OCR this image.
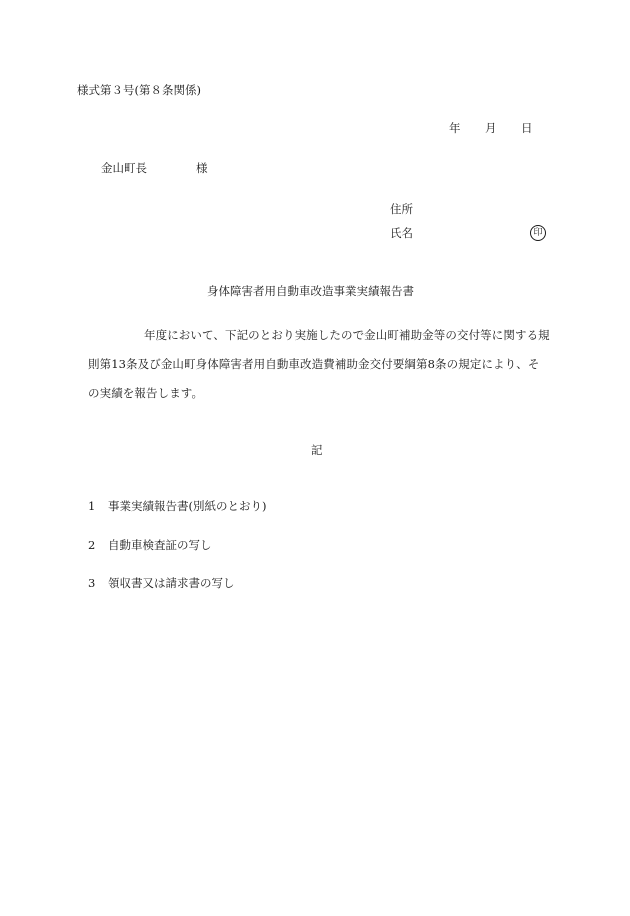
様式第３号(第８条関係)
年 月 日
金山町長	様
住所
氏名	印
身体障害者用自動車改造事業実績報告書
年度において、下記のとおり実施したので金山町補助金等の交付等に関する規則第13条及び金山町身体障害者用自動車改造費補助金交付要綱第8条の規定により、その実績を報告します。
記
1 事業実績報告書(別紙のとおり)
2 自動車検査証の写し
3 領収書又は請求書の写し
